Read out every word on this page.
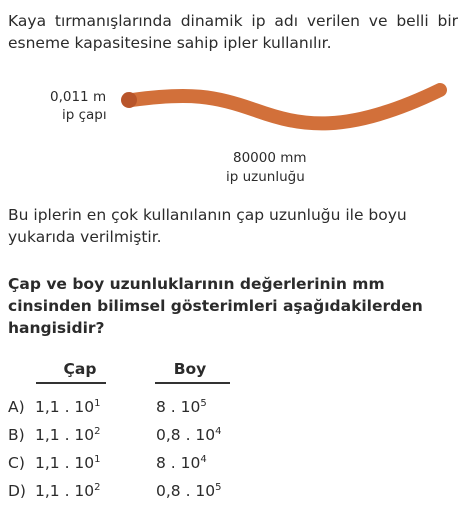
Kaya tırmanışlarında dinamik ip adı verilen ve belli bir esneme kapasitesine sahip ipler kullanılır.

0,011 m
ip çapı
80000 mm
ip uzunluğu

Bu iplerin en çok kullanılanın çap uzunluğu ile boyu yukarıda verilmiştir.

Çap ve boy uzunluklarının değerlerinin mm cinsinden bilimsel gösterimleri aşağıdakilerden hangisidir?

Çap	Boy
A) 1,1 . $10^1$	8 . $10^5$
B) 1,1 . $10^2$	0,8 . $10^4$
C) 1,1 . $10^1$	8 . $10^4$
D) 1,1 . $10^2$	0,8 . $10^5$
